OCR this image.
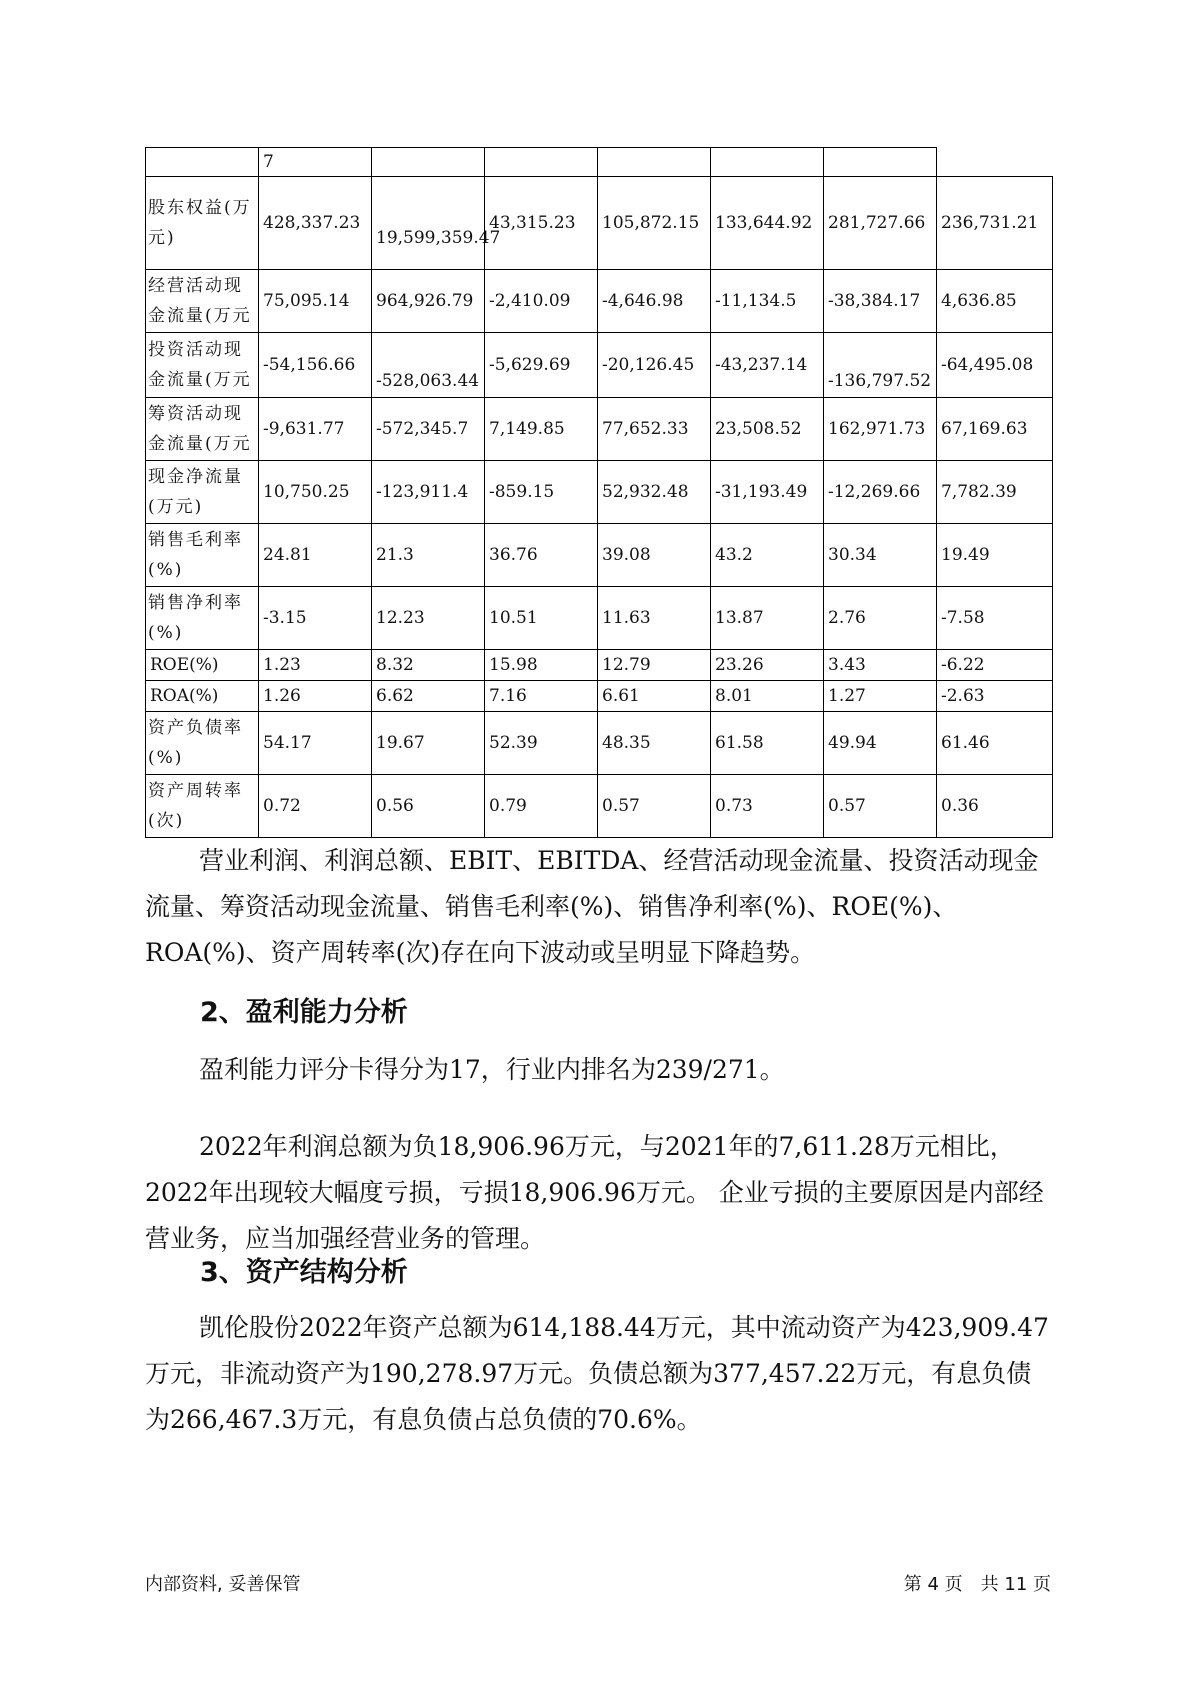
	7						
股东权益(万元)	428,337.23	19,599,359.47	43,315.23	105,872.15	133,644.92	281,727.66	236,731.21
经营活动现金流量(万元	75,095.14	964,926.79	-2,410.09	-4,646.98	-11,134.5	-38,384.17	4,636.85
投资活动现金流量(万元	-54,156.66	-528,063.44	-5,629.69	-20,126.45	-43,237.14	-136,797.52	-64,495.08
筹资活动现金流量(万元	-9,631.77	-572,345.7	7,149.85	77,652.33	23,508.52	162,971.73	67,169.63
现金净流量(万元)	10,750.25	-123,911.4	-859.15	52,932.48	-31,193.49	-12,269.66	7,782.39
销售毛利率(%)	24.81	21.3	36.76	39.08	43.2	30.34	19.49
销售净利率(%)	-3.15	12.23	10.51	11.63	13.87	2.76	-7.58
ROE(%)	1.23	8.32	15.98	12.79	23.26	3.43	-6.22
ROA(%)	1.26	6.62	7.16	6.61	8.01	1.27	-2.63
资产负债率(%)	54.17	19.67	52.39	48.35	61.58	49.94	61.46
资产周转率(次)	0.72	0.56	0.79	0.57	0.73	0.57	0.36

营业利润、利润总额、EBIT、EBITDA、经营活动现金流量、投资活动现金流量、筹资活动现金流量、销售毛利率(%)、销售净利率(%)、ROE(%)、ROA(%)、资产周转率(次)存在向下波动或呈明显下降趋势。

2、盈利能力分析

盈利能力评分卡得分为17，行业内排名为239/271。

2022年利润总额为负18,906.96万元，与2021年的7,611.28万元相比，2022年出现较大幅度亏损，亏损18,906.96万元。 企业亏损的主要原因是内部经营业务，应当加强经营业务的管理。

3、资产结构分析

凯伦股份2022年资产总额为614,188.44万元，其中流动资产为423,909.47万元，非流动资产为190,278.97万元。负债总额为377,457.22万元，有息负债为266,467.3万元，有息负债占总负债的70.6%。

内部资料, 妥善保管	第 4 页　共 11 页
